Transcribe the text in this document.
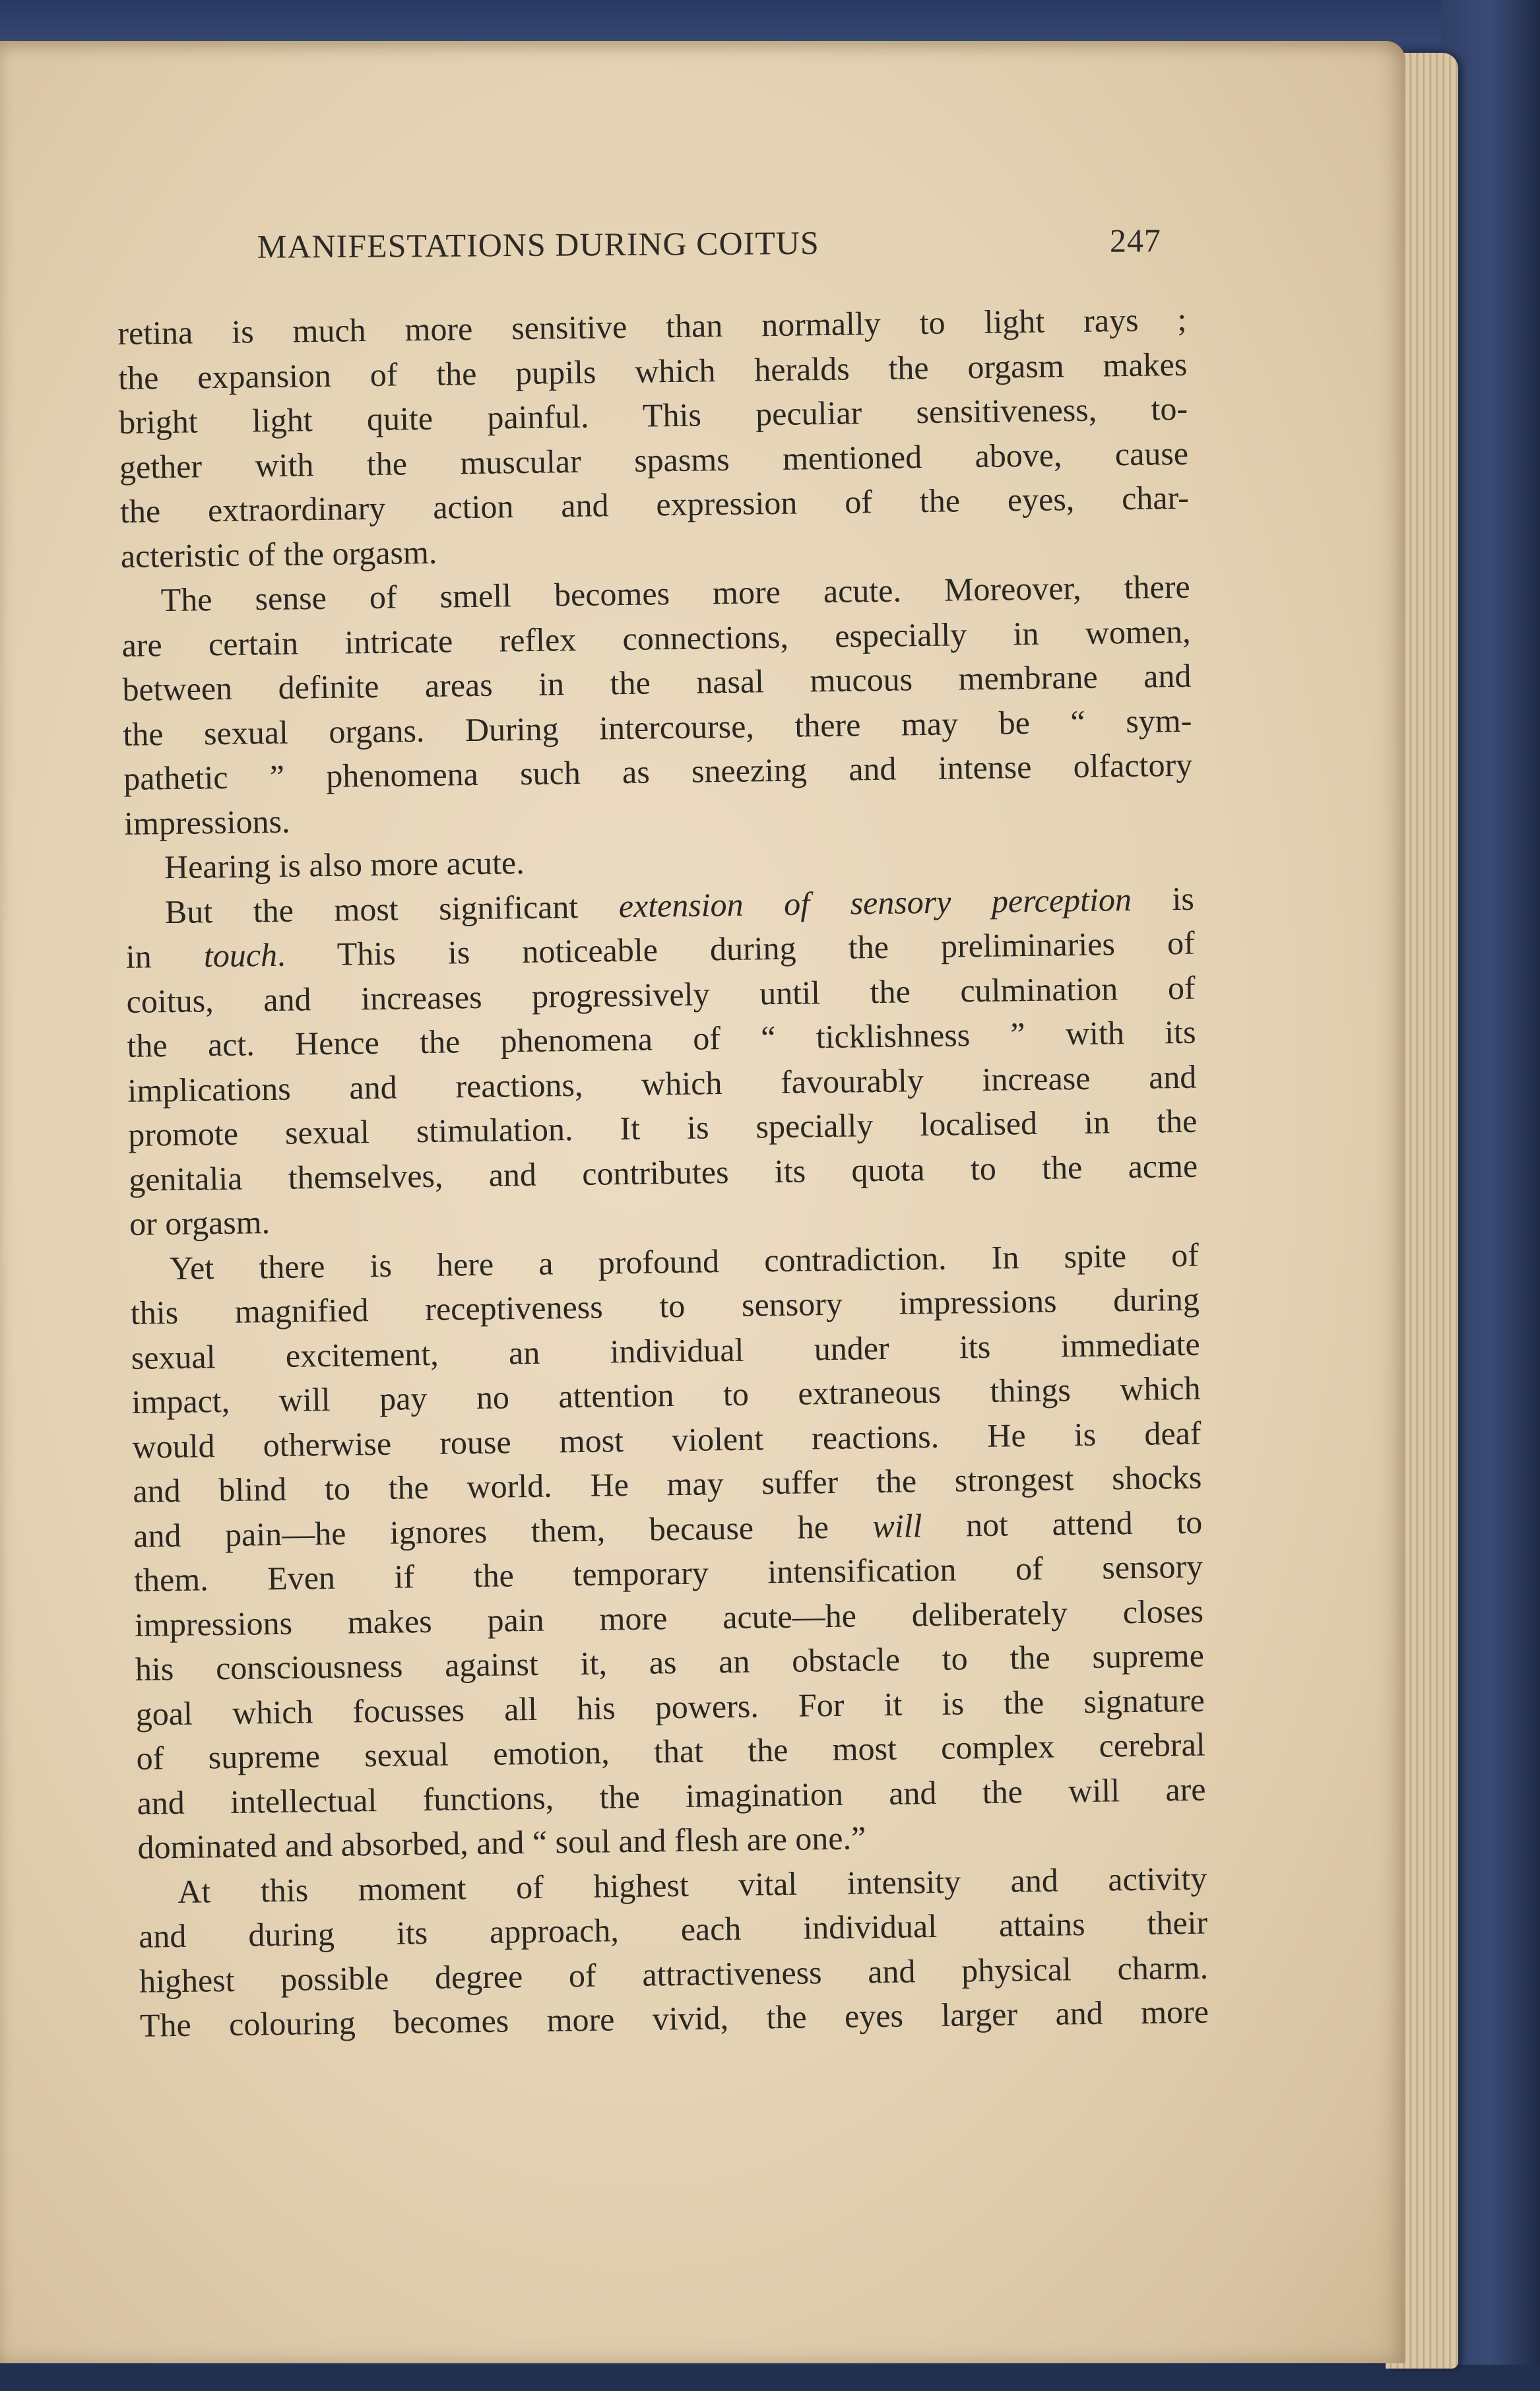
MANIFESTATIONS DURING COITUS	247
retina is much more sensitive than normally to light rays ;
the expansion of the pupils which heralds the orgasm makes
bright light quite painful. This peculiar sensitiveness, to-
gether with the muscular spasms mentioned above, cause
the extraordinary action and expression of the eyes, char-
acteristic of the orgasm.
The sense of smell becomes more acute. Moreover, there
are certain intricate reflex connections, especially in women,
between definite areas in the nasal mucous membrane and
the sexual organs. During intercourse, there may be “ sym-
pathetic ” phenomena such as sneezing and intense olfactory
impressions.
Hearing is also more acute.
But the most significant extension of sensory perception is
in touch. This is noticeable during the preliminaries of
coitus, and increases progressively until the culmination of
the act. Hence the phenomena of “ ticklishness ” with its
implications and reactions, which favourably increase and
promote sexual stimulation. It is specially localised in the
genitalia themselves, and contributes its quota to the acme
or orgasm.
Yet there is here a profound contradiction. In spite of
this magnified receptiveness to sensory impressions during
sexual excitement, an individual under its immediate
impact, will pay no attention to extraneous things which
would otherwise rouse most violent reactions. He is deaf
and blind to the world. He may suffer the strongest shocks
and pain—he ignores them, because he will not attend to
them. Even if the temporary intensification of sensory
impressions makes pain more acute—he deliberately closes
his consciousness against it, as an obstacle to the supreme
goal which focusses all his powers. For it is the signature
of supreme sexual emotion, that the most complex cerebral
and intellectual functions, the imagination and the will are
dominated and absorbed, and “ soul and flesh are one.”
At this moment of highest vital intensity and activity
and during its approach, each individual attains their
highest possible degree of attractiveness and physical charm.
The colouring becomes more vivid, the eyes larger and more
